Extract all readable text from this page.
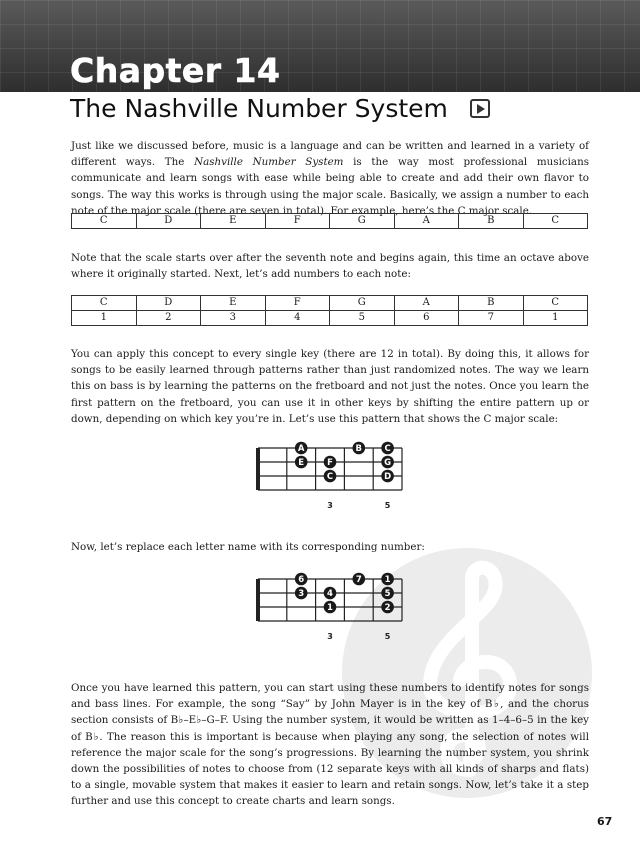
Chapter 14
The Nashville Number System

Just like we discussed before, music is a language and can be written and learned in a variety of different ways. The Nashville Number System is the way most professional musicians communicate and learn songs with ease while being able to create and add their own flavor to songs. The way this works is through using the major scale. Basically, we assign a number to each note of the major scale (there are seven in total). For example, here’s the C major scale.

C	D	E	F	G	A	B	C

Note that the scale starts over after the seventh note and begins again, this time an octave above where it originally started. Next, let’s add numbers to each note:

C	D	E	F	G	A	B	C
1	2	3	4	5	6	7	1

You can apply this concept to every single key (there are 12 in total). By doing this, it allows for songs to be easily learned through patterns rather than just randomized notes. The way we learn this on bass is by learning the patterns on the fretboard and not just the notes. Once you learn the first pattern on the fretboard, you can use it in other keys by shifting the entire pattern up or down, depending on which key you’re in. Let’s use this pattern that shows the C major scale:

3	5
A	B	C
E	F	G
C	D

Now, let’s replace each letter name with its corresponding number:

3	5
6	7	1
3	4	5
1	2

Once you have learned this pattern, you can start using these numbers to identify notes for songs and bass lines. For example, the song “Say” by John Mayer is in the key of B♭, and the chorus section consists of B♭–E♭–G–F. Using the number system, it would be written as 1–4–6–5 in the key of B♭. The reason this is important is because when playing any song, the selection of notes will reference the major scale for the song’s progressions. By learning the number system, you shrink down the possibilities of notes to choose from (12 separate keys with all kinds of sharps and flats) to a single, movable system that makes it easier to learn and retain songs. Now, let’s take it a step further and use this concept to create charts and learn songs.

67
